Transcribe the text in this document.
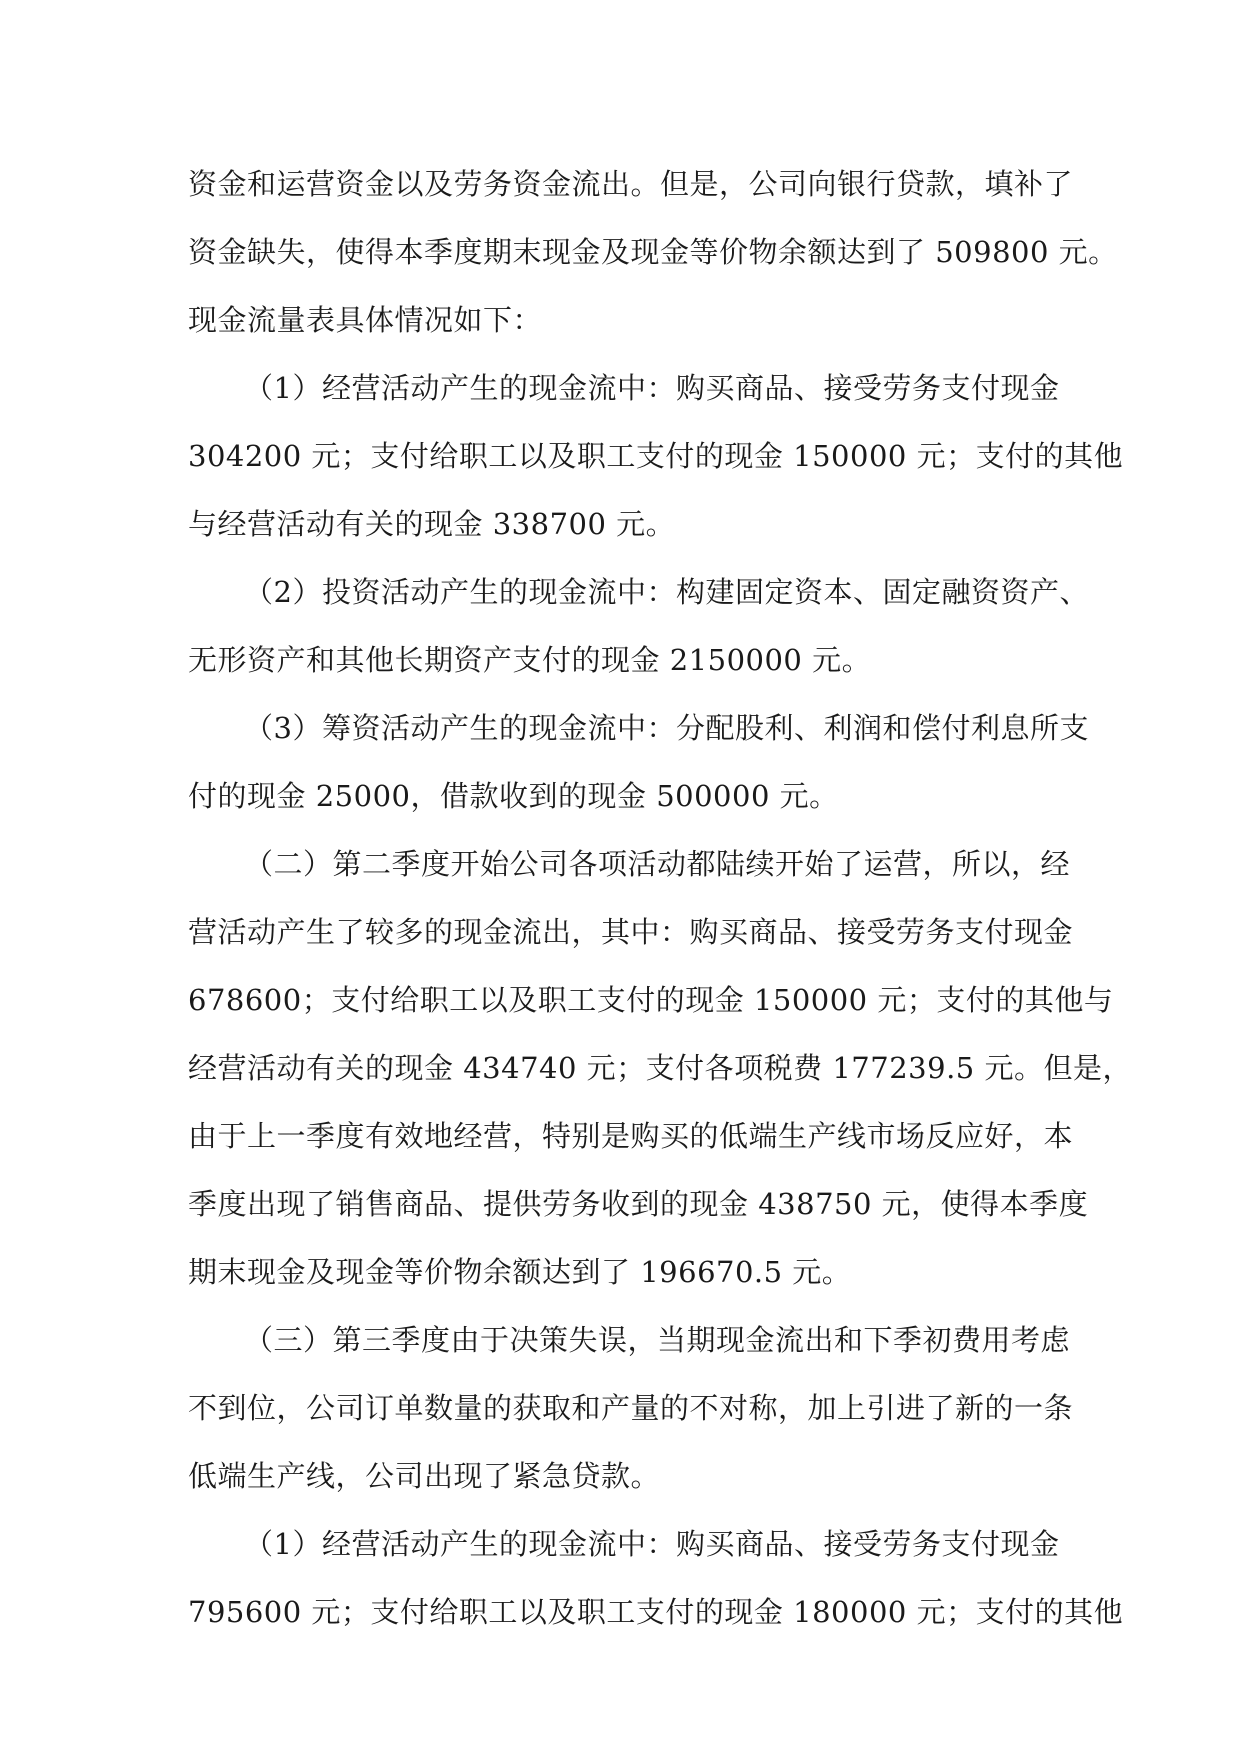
资金和运营资金以及劳务资金流出。但是，公司向银行贷款，填补了
资金缺失，使得本季度期末现金及现金等价物余额达到了 509800 元。
现金流量表具体情况如下：
（1）经营活动产生的现金流中：购买商品、接受劳务支付现金
304200 元；支付给职工以及职工支付的现金 150000 元；支付的其他
与经营活动有关的现金 338700 元。
（2）投资活动产生的现金流中：构建固定资本、固定融资资产、
无形资产和其他长期资产支付的现金 2150000 元。
（3）筹资活动产生的现金流中：分配股利、利润和偿付利息所支
付的现金 25000，借款收到的现金 500000 元。
（二）第二季度开始公司各项活动都陆续开始了运营，所以，经
营活动产生了较多的现金流出，其中：购买商品、接受劳务支付现金
678600；支付给职工以及职工支付的现金 150000 元；支付的其他与
经营活动有关的现金 434740 元；支付各项税费 177239.5 元。但是，
由于上一季度有效地经营，特别是购买的低端生产线市场反应好，本
季度出现了销售商品、提供劳务收到的现金 438750 元，使得本季度
期末现金及现金等价物余额达到了 196670.5 元。
（三）第三季度由于决策失误，当期现金流出和下季初费用考虑
不到位，公司订单数量的获取和产量的不对称，加上引进了新的一条
低端生产线，公司出现了紧急贷款。
（1）经营活动产生的现金流中：购买商品、接受劳务支付现金
795600 元；支付给职工以及职工支付的现金 180000 元；支付的其他
